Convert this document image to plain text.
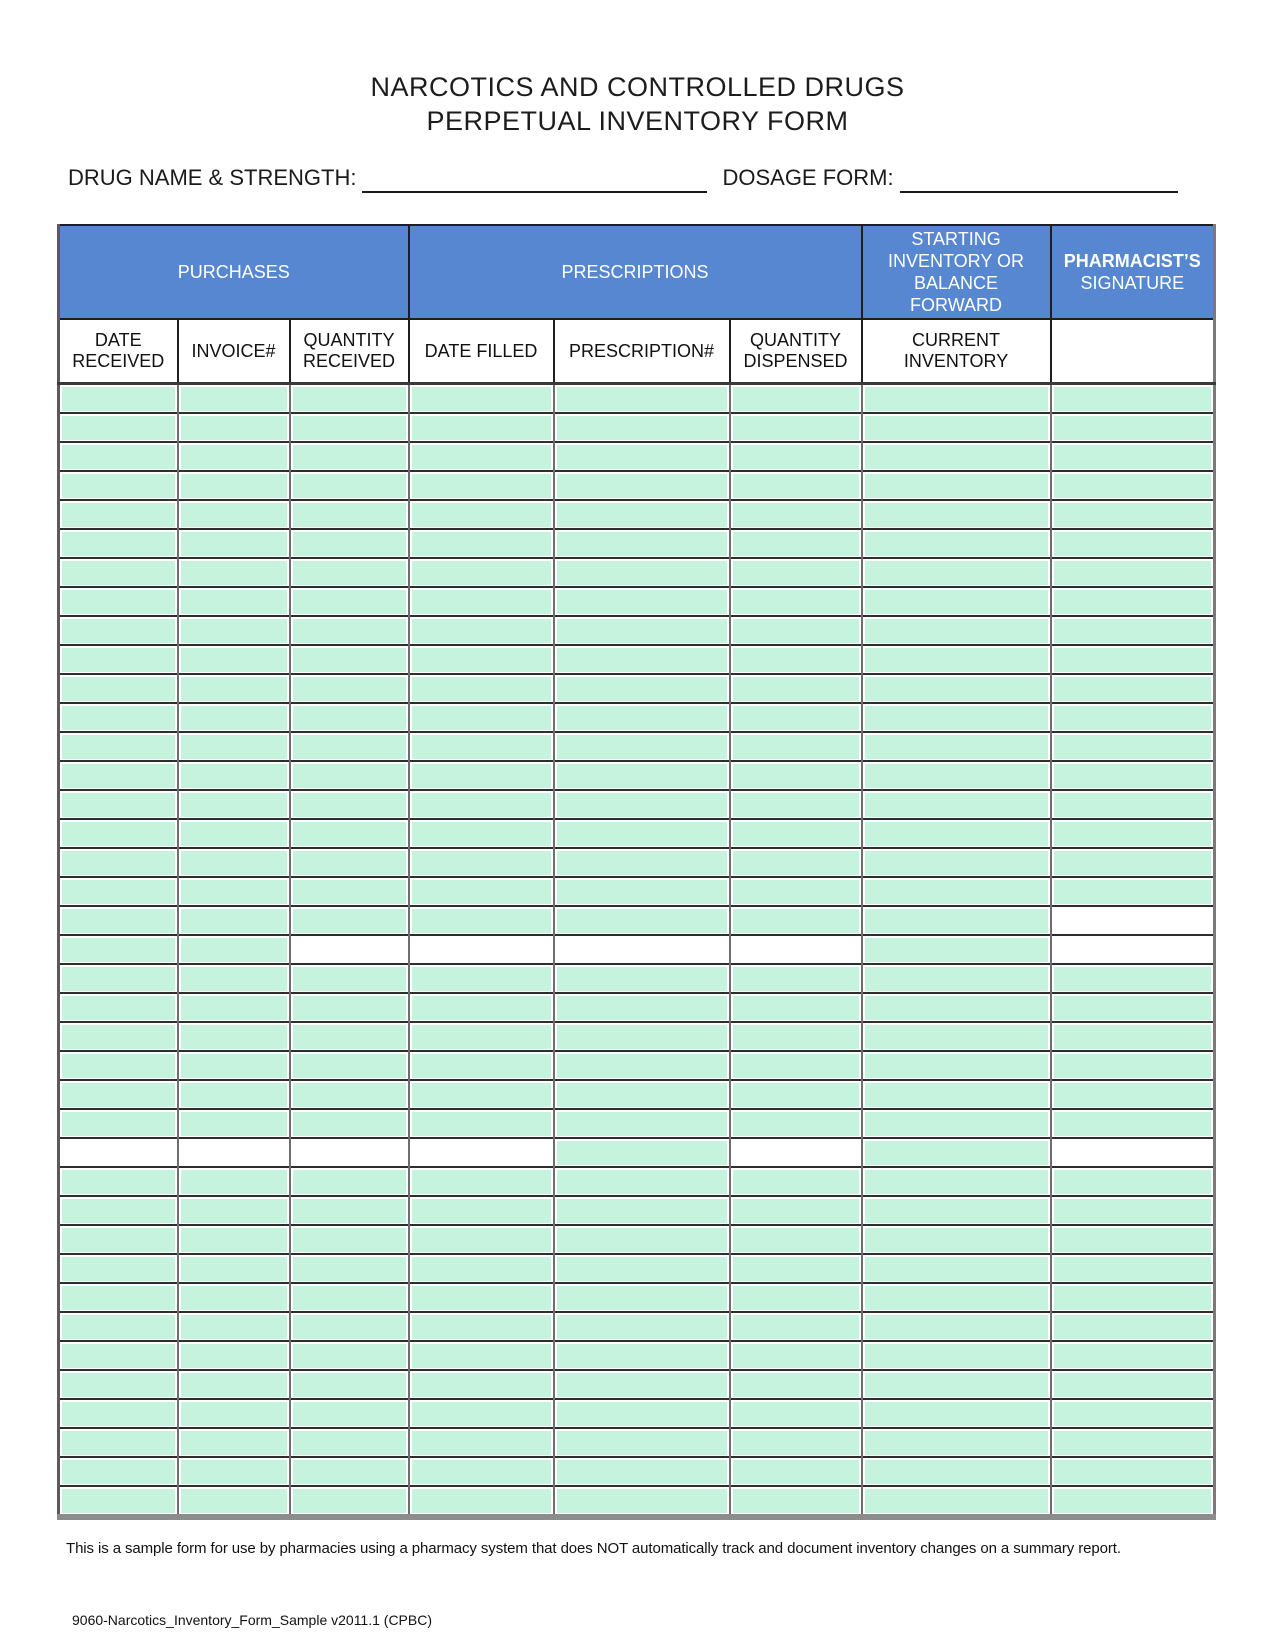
NARCOTICS AND CONTROLLED DRUGS
PERPETUAL INVENTORY FORM
DRUG NAME & STRENGTH:	DOSAGE FORM:
PURCHASES			PRESCRIPTIONS			STARTING INVENTORY OR BALANCE FORWARD	PHARMACIST’S
SIGNATURE
DATE RECEIVED	INVOICE#	QUANTITY RECEIVED	DATE FILLED	PRESCRIPTION#	QUANTITY DISPENSED	CURRENT INVENTORY	

This is a sample form for use by pharmacies using a pharmacy system that does NOT automatically track and document inventory changes on a summary report.
9060-Narcotics_Inventory_Form_Sample v2011.1 (CPBC)
